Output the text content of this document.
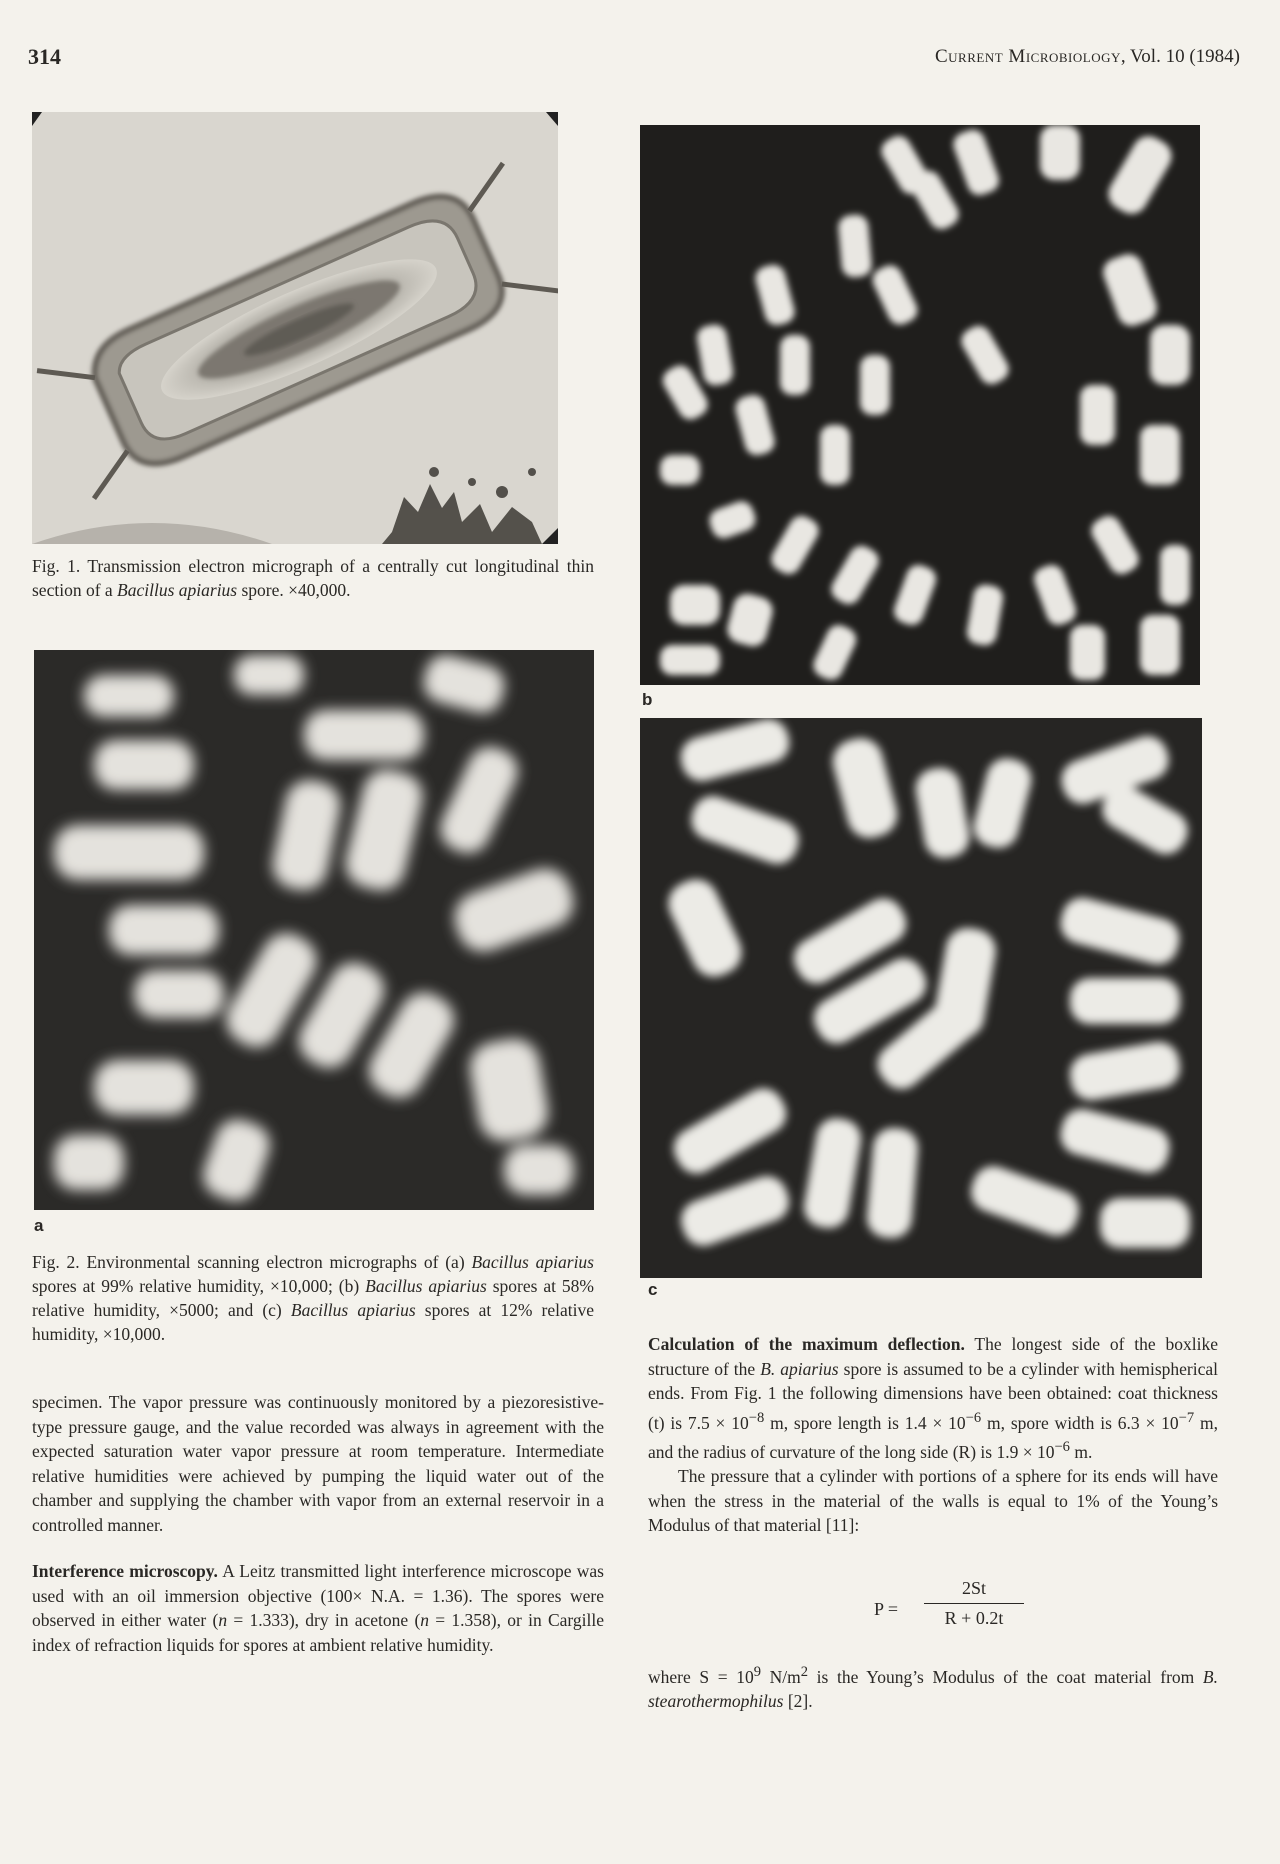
314	Current Microbiology, Vol. 10 (1984)
Fig. 1. Transmission electron micrograph of a centrally cut longitudinal thin section of a Bacillus apiarius spore. ×40,000.
a
b
c
Fig. 2. Environmental scanning electron micrographs of (a) Bacillus apiarius spores at 99% relative humidity, ×10,000; (b) Bacillus apiarius spores at 58% relative humidity, ×5000; and (c) Bacillus apiarius spores at 12% relative humidity, ×10,000.

specimen. The vapor pressure was continuously monitored by a piezoresistive-type pressure gauge, and the value recorded was always in agreement with the expected saturation water vapor pressure at room temperature. Intermediate relative humidities were achieved by pumping the liquid water out of the chamber and supplying the chamber with vapor from an external reservoir in a controlled manner.

Interference microscopy. A Leitz transmitted light interference microscope was used with an oil immersion objective (100× N.A. = 1.36). The spores were observed in either water (n = 1.333), dry in acetone (n = 1.358), or in Cargille index of refraction liquids for spores at ambient relative humidity.

Calculation of the maximum deflection. The longest side of the boxlike structure of the B. apiarius spore is assumed to be a cylinder with hemispherical ends. From Fig. 1 the following dimensions have been obtained: coat thickness (t) is $7.5 \times 10^{-8}$ m, spore length is $1.4 \times 10^{-6}$ m, spore width is $6.3 \times 10^{-7}$ m, and the radius of curvature of the long side (R) is $1.9 \times 10^{-6}$ m.

The pressure that a cylinder with portions of a sphere for its ends will have when the stress in the material of the walls is equal to 1% of the Young’s Modulus of that material [11]:

P =
2St
R + 0.2t
where $S = 10^9$ $N/m^2$ is the Young’s Modulus of the coat material from B. stearothermophilus [2].
